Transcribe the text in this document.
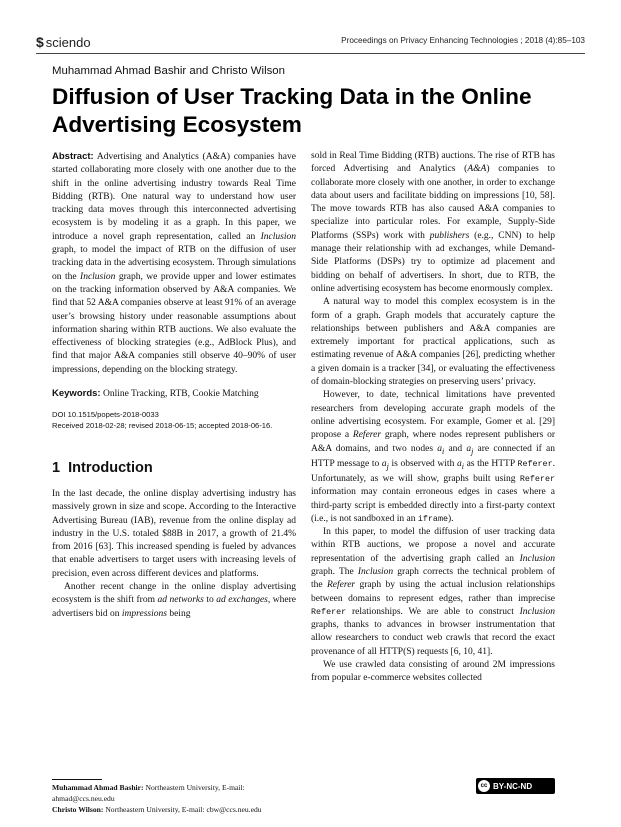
$ sciendo	Proceedings on Privacy Enhancing Technologies ; 2018 (4):85–103
Muhammad Ahmad Bashir and Christo Wilson
Diffusion of User Tracking Data in the Online Advertising Ecosystem

Abstract: Advertising and Analytics (A&A) companies have started collaborating more closely with one another due to the shift in the online advertising industry towards Real Time Bidding (RTB). One natural way to understand how user tracking data moves through this interconnected advertising ecosystem is by modeling it as a graph. In this paper, we introduce a novel graph representation, called an Inclusion graph, to model the impact of RTB on the diffusion of user tracking data in the advertising ecosystem. Through simulations on the Inclusion graph, we provide upper and lower estimates on the tracking information observed by A&A companies. We find that 52 A&A companies observe at least 91% of an average user’s browsing history under reasonable assumptions about information sharing within RTB auctions. We also evaluate the effectiveness of blocking strategies (e.g., AdBlock Plus), and find that major A&A companies still observe 40–90% of user impressions, depending on the blocking strategy.

Keywords: Online Tracking, RTB, Cookie Matching

DOI 10.1515/popets-2018-0033

Received 2018-02-28; revised 2018-06-15; accepted 2018-06-16.

1 Introduction

In the last decade, the online display advertising industry has massively grown in size and scope. According to the Interactive Advertising Bureau (IAB), revenue from the online display ad industry in the U.S. totaled $88B in 2017, a growth of 21.4% from 2016 [63]. This increased spending is fueled by advances that enable advertisers to target users with increasing levels of precision, even across different devices and platforms.

Another recent change in the online display advertising ecosystem is the shift from ad networks to ad exchanges, where advertisers bid on impressions being

sold in Real Time Bidding (RTB) auctions. The rise of RTB has forced Advertising and Analytics (A&A) companies to collaborate more closely with one another, in order to exchange data about users and facilitate bidding on impressions [10, 58]. The move towards RTB has also caused A&A companies to specialize into particular roles. For example, Supply-Side Platforms (SSPs) work with publishers (e.g., CNN) to help manage their relationship with ad exchanges, while Demand-Side Platforms (DSPs) try to optimize ad placement and bidding on behalf of advertisers. In short, due to RTB, the online advertising ecosystem has become enormously complex.

A natural way to model this complex ecosystem is in the form of a graph. Graph models that accurately capture the relationships between publishers and A&A companies are extremely important for practical applications, such as estimating revenue of A&A companies [26], predicting whether a given domain is a tracker [34], or evaluating the effectiveness of domain-blocking strategies on preserving users’ privacy.

However, to date, technical limitations have prevented researchers from developing accurate graph models of the online advertising ecosystem. For example, Gomer et al. [29] propose a Referer graph, where nodes represent publishers or A&A domains, and two nodes $a_i$ and $a_j$ are connected if an HTTP message to $a_j$ is observed with $a_i$ as the HTTP Referer. Unfortunately, as we will show, graphs built using Referer information may contain erroneous edges in cases where a third-party script is embedded directly into a first-party context (i.e., is not sandboxed in an iframe).

In this paper, to model the diffusion of user tracking data within RTB auctions, we propose a novel and accurate representation of the advertising graph called an Inclusion graph. The Inclusion graph corrects the technical problem of the Referer graph by using the actual inclusion relationships between domains to represent edges, rather than imprecise Referer relationships. We are able to construct Inclusion graphs, thanks to advances in browser instrumentation that allow researchers to conduct web crawls that record the exact provenance of all HTTP(S) requests [6, 10, 41].

We use crawled data consisting of around 2M impressions from popular e-commerce websites collected

Muhammad Ahmad Bashir: Northeastern University, E-mail: ahmad@ccs.neu.edu

Christo Wilson: Northeastern University, E-mail: cbw@ccs.neu.edu

cc BY-NC-ND
